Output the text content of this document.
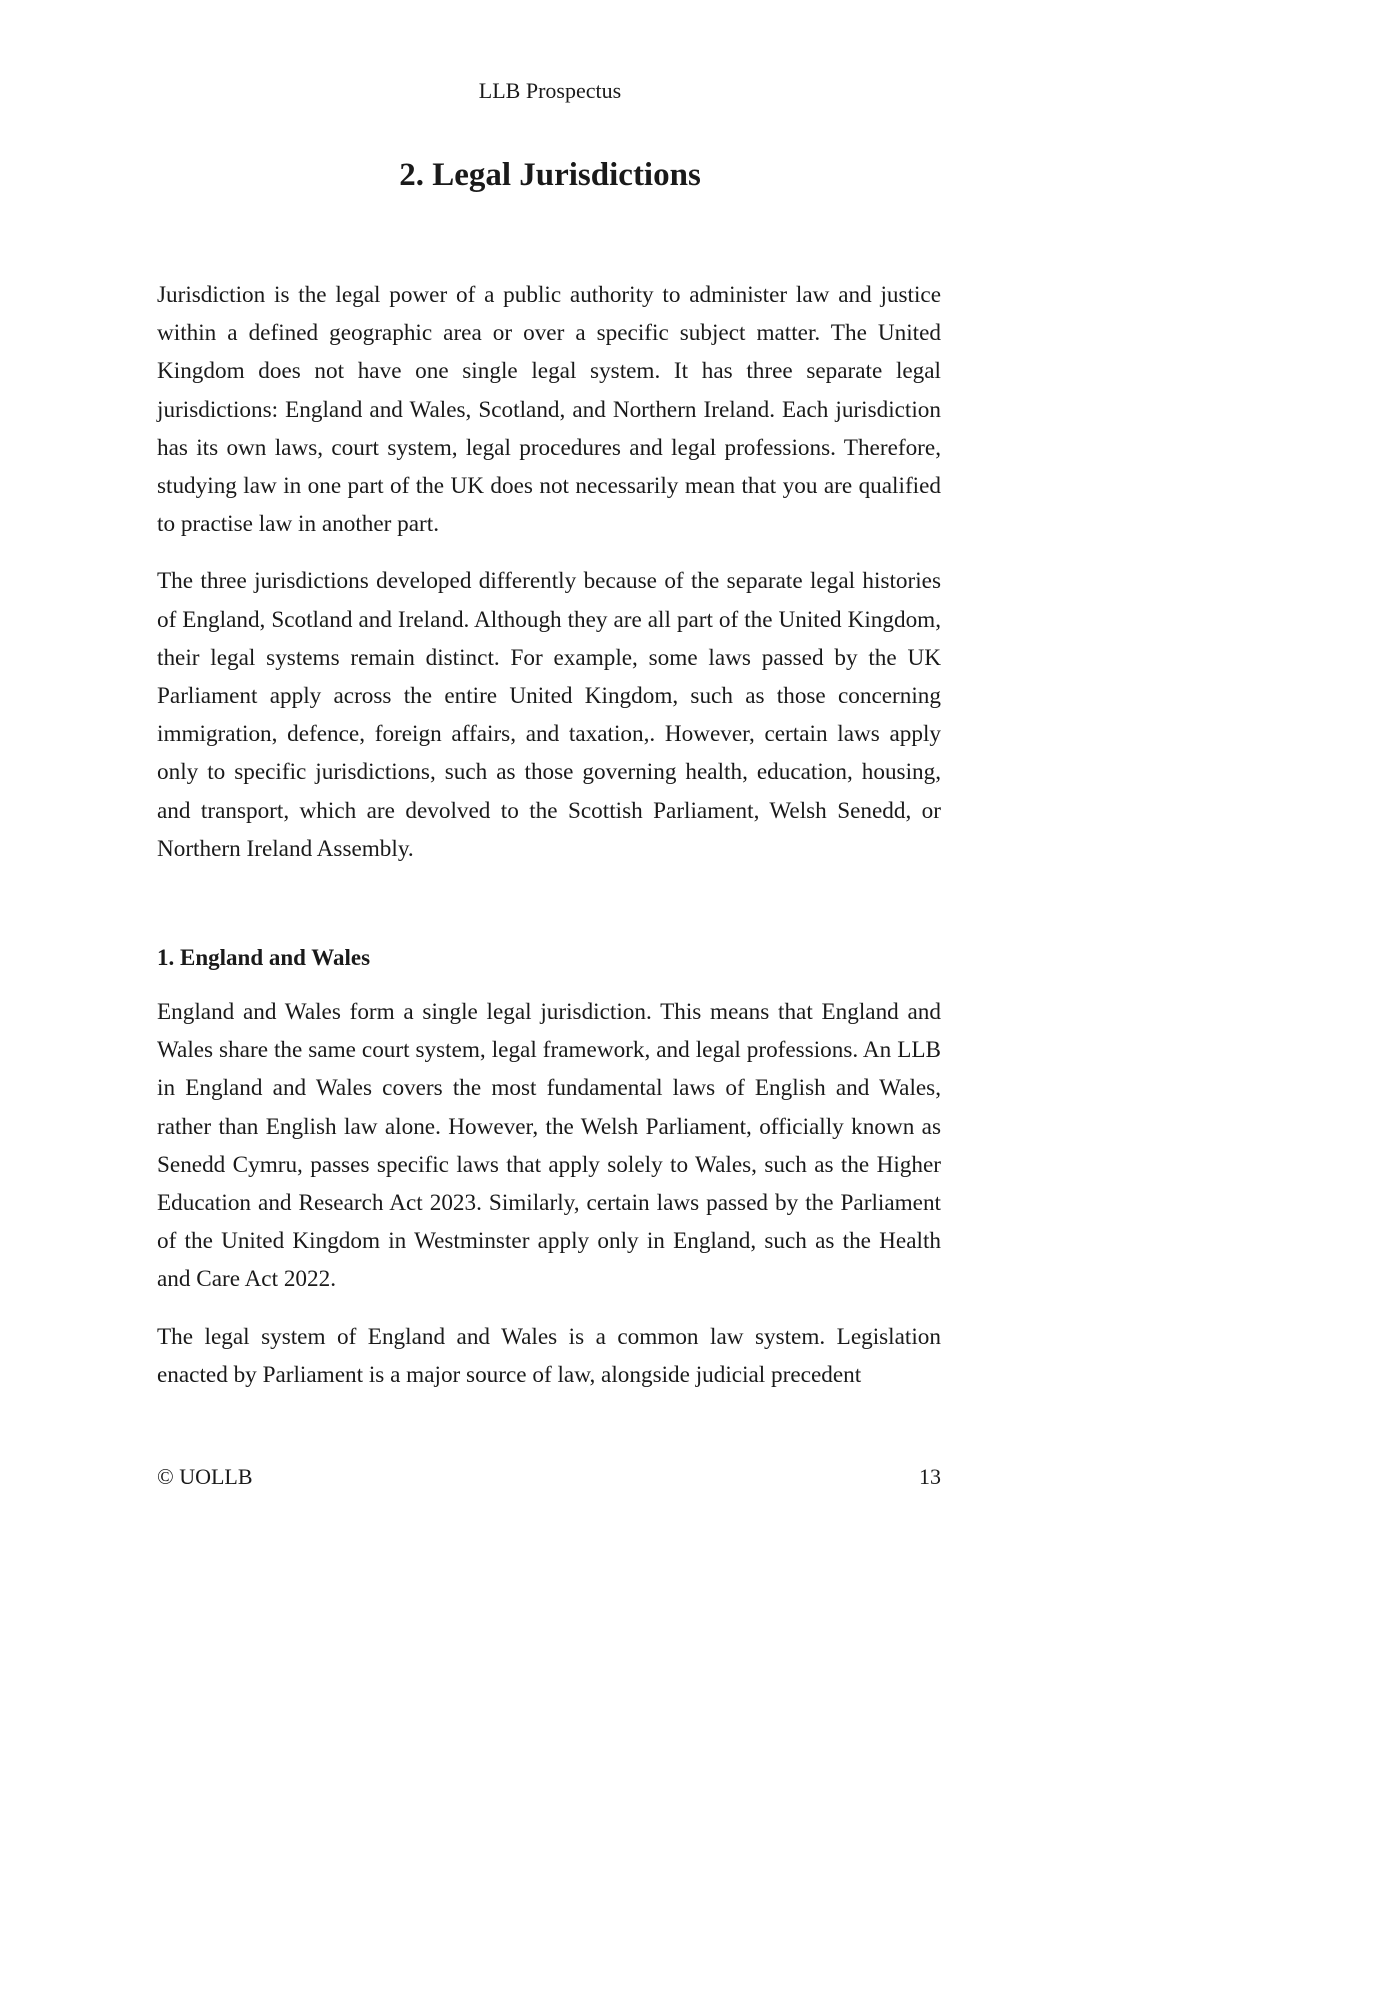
LLB Prospectus
2. Legal Jurisdictions

Jurisdiction is the legal power of a public authority to administer law and justice within a defined geographic area or over a specific subject matter. The United Kingdom does not have one single legal system. It has three separate legal jurisdictions: England and Wales, Scotland, and Northern Ireland. Each jurisdiction has its own laws, court system, legal procedures and legal professions. Therefore, studying law in one part of the UK does not necessarily mean that you are qualified to practise law in another part.

The three jurisdictions developed differently because of the separate legal histories of England, Scotland and Ireland. Although they are all part of the United Kingdom, their legal systems remain distinct. For example, some laws passed by the UK Parliament apply across the entire United Kingdom, such as those concerning immigration, defence, foreign affairs, and taxation,. However, certain laws apply only to specific jurisdictions, such as those governing health, education, housing, and transport, which are devolved to the Scottish Parliament, Welsh Senedd, or Northern Ireland Assembly.

1. England and Wales

England and Wales form a single legal jurisdiction. This means that England and Wales share the same court system, legal framework, and legal professions. An LLB in England and Wales covers the most fundamental laws of English and Wales, rather than English law alone. However, the Welsh Parliament, officially known as Senedd Cymru, passes specific laws that apply solely to Wales, such as the Higher Education and Research Act 2023. Similarly, certain laws passed by the Parliament of the United Kingdom in Westminster apply only in England, such as the Health and Care Act 2022.

The legal system of England and Wales is a common law system. Legislation enacted by Parliament is a major source of law, alongside judicial precedent

© UOLLB	13
